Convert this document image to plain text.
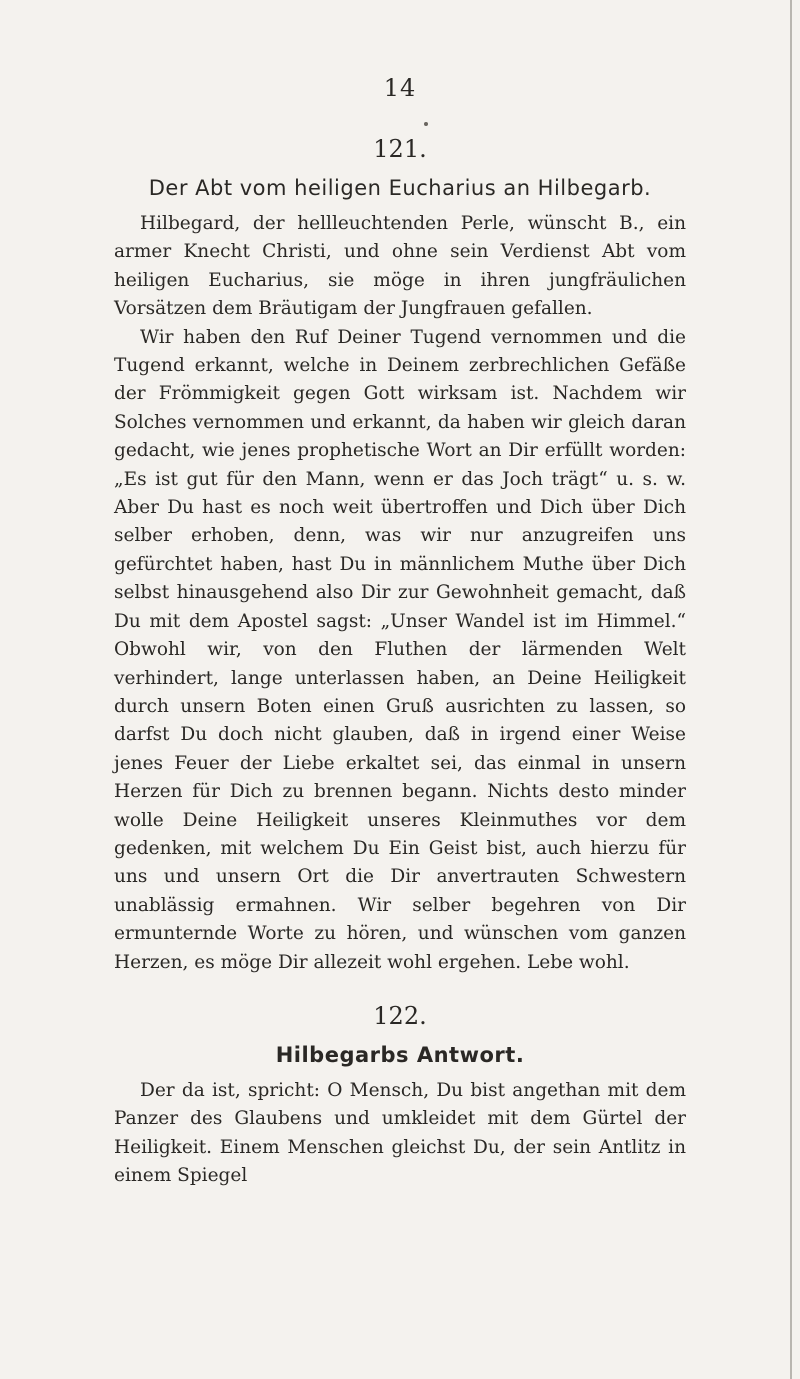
14
121.
Der Abt vom heiligen Eucharius an Hilbegarb.

Hilbegard, der hellleuchtenden Perle, wünscht B., ein armer Knecht Christi, und ohne sein Verdienst Abt vom heiligen Eucharius, sie möge in ihren jungfräulichen Vorsätzen dem Bräutigam der Jungfrauen gefallen.

Wir haben den Ruf Deiner Tugend vernommen und die Tugend erkannt, welche in Deinem zerbrechlichen Gefäße der Frömmigkeit gegen Gott wirksam ist. Nachdem wir Solches vernommen und erkannt, da haben wir gleich daran gedacht, wie jenes prophetische Wort an Dir erfüllt worden: „Es ist gut für den Mann, wenn er das Joch trägt“ u. s. w. Aber Du hast es noch weit übertroffen und Dich über Dich selber erhoben, denn, was wir nur anzugreifen uns gefürchtet haben, hast Du in männlichem Muthe über Dich selbst hinausgehend also Dir zur Gewohnheit gemacht, daß Du mit dem Apostel sagst: „Unser Wandel ist im Himmel.“ Obwohl wir, von den Fluthen der lärmenden Welt verhindert, lange unterlassen haben, an Deine Heiligkeit durch unsern Boten einen Gruß ausrichten zu lassen, so darfst Du doch nicht glauben, daß in irgend einer Weise jenes Feuer der Liebe erkaltet sei, das einmal in unsern Herzen für Dich zu brennen begann. Nichts desto minder wolle Deine Heiligkeit unseres Kleinmuthes vor dem gedenken, mit welchem Du Ein Geist bist, auch hierzu für uns und unsern Ort die Dir anvertrauten Schwestern unablässig ermahnen. Wir selber begehren von Dir ermunternde Worte zu hören, und wünschen vom ganzen Herzen, es möge Dir allezeit wohl ergehen. Lebe wohl.

122.
Hilbegarbs Antwort.

Der da ist, spricht: O Mensch, Du bist angethan mit dem Panzer des Glaubens und umkleidet mit dem Gürtel der Heiligkeit. Einem Menschen gleichst Du, der sein Antlitz in einem Spiegel
